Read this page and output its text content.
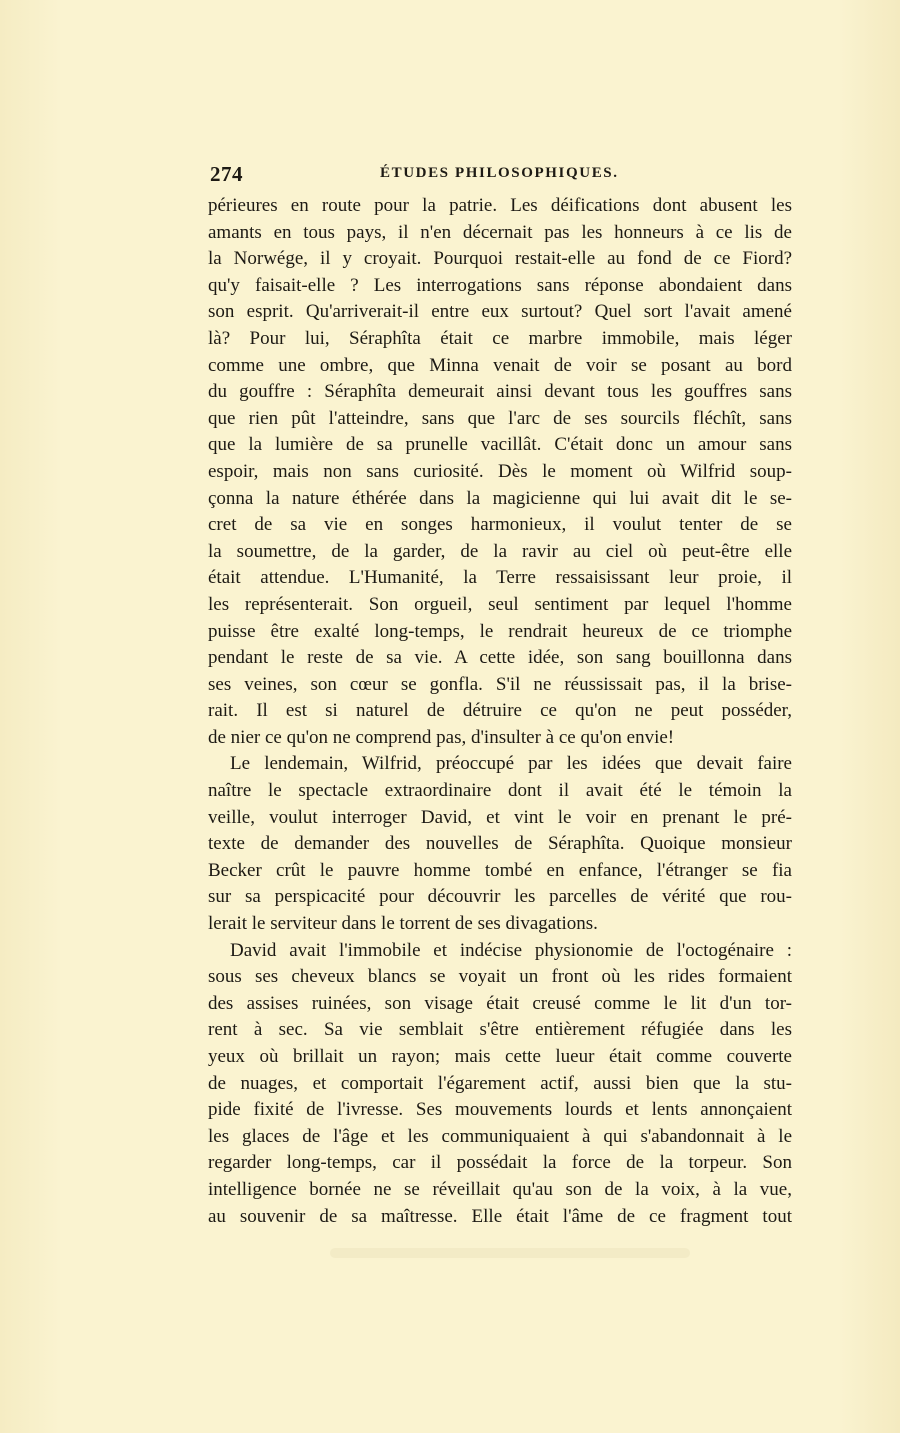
274	ÉTUDES PHILOSOPHIQUES.
périeures en route pour la patrie. Les déifications dont abusent les
amants en tous pays, il n'en décernait pas les honneurs à ce lis de
la Norwége, il y croyait. Pourquoi restait-elle au fond de ce Fiord?
qu'y faisait-elle ? Les interrogations sans réponse abondaient dans
son esprit. Qu'arriverait-il entre eux surtout? Quel sort l'avait amené
là? Pour lui, Séraphîta était ce marbre immobile, mais léger
comme une ombre, que Minna venait de voir se posant au bord
du gouffre : Séraphîta demeurait ainsi devant tous les gouffres sans
que rien pût l'atteindre, sans que l'arc de ses sourcils fléchît, sans
que la lumière de sa prunelle vacillât. C'était donc un amour sans
espoir, mais non sans curiosité. Dès le moment où Wilfrid soup-
çonna la nature éthérée dans la magicienne qui lui avait dit le se-
cret de sa vie en songes harmonieux, il voulut tenter de se
la soumettre, de la garder, de la ravir au ciel où peut-être elle
était attendue. L'Humanité, la Terre ressaisissant leur proie, il
les représenterait. Son orgueil, seul sentiment par lequel l'homme
puisse être exalté long-temps, le rendrait heureux de ce triomphe
pendant le reste de sa vie. A cette idée, son sang bouillonna dans
ses veines, son cœur se gonfla. S'il ne réussissait pas, il la brise-
rait. Il est si naturel de détruire ce qu'on ne peut posséder,
de nier ce qu'on ne comprend pas, d'insulter à ce qu'on envie!
Le lendemain, Wilfrid, préoccupé par les idées que devait faire
naître le spectacle extraordinaire dont il avait été le témoin la
veille, voulut interroger David, et vint le voir en prenant le pré-
texte de demander des nouvelles de Séraphîta. Quoique monsieur
Becker crût le pauvre homme tombé en enfance, l'étranger se fia
sur sa perspicacité pour découvrir les parcelles de vérité que rou-
lerait le serviteur dans le torrent de ses divagations.
David avait l'immobile et indécise physionomie de l'octogénaire :
sous ses cheveux blancs se voyait un front où les rides formaient
des assises ruinées, son visage était creusé comme le lit d'un tor-
rent à sec. Sa vie semblait s'être entièrement réfugiée dans les
yeux où brillait un rayon; mais cette lueur était comme couverte
de nuages, et comportait l'égarement actif, aussi bien que la stu-
pide fixité de l'ivresse. Ses mouvements lourds et lents annonçaient
les glaces de l'âge et les communiquaient à qui s'abandonnait à le
regarder long-temps, car il possédait la force de la torpeur. Son
intelligence bornée ne se réveillait qu'au son de la voix, à la vue,
au souvenir de sa maîtresse. Elle était l'âme de ce fragment tout
